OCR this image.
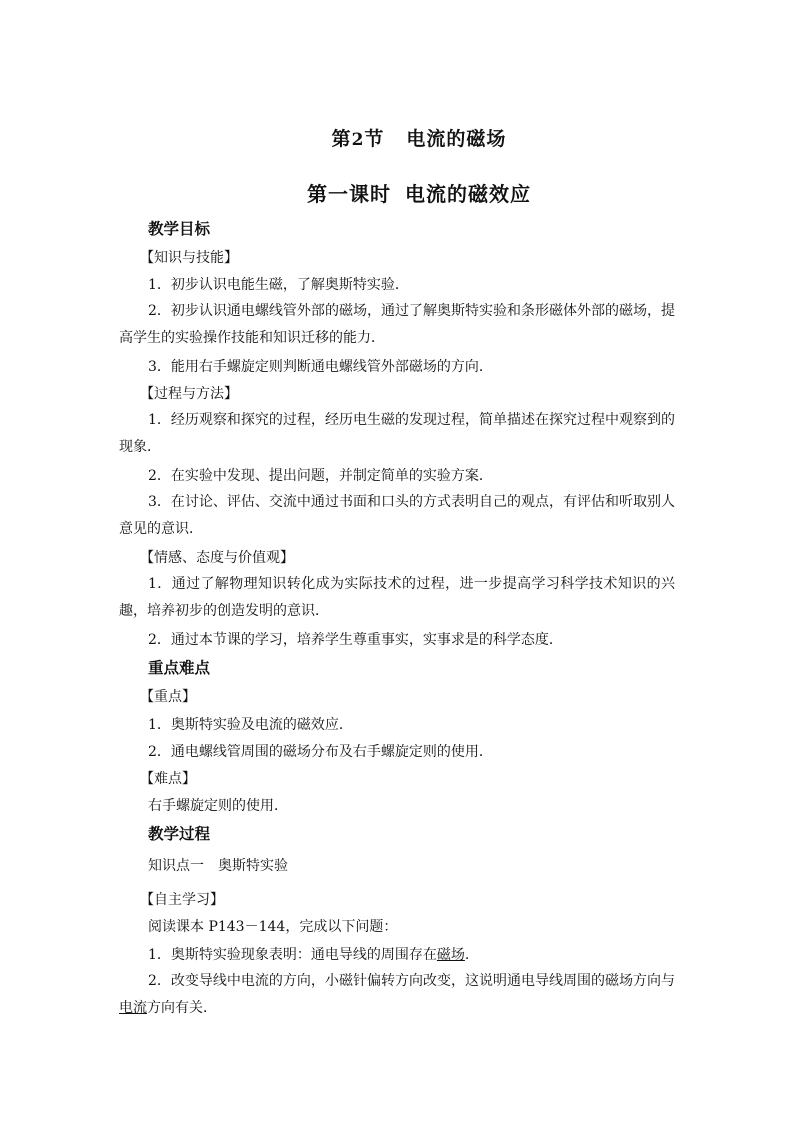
第2节 电流的磁场
第一课时 电流的磁效应
教学目标
【知识与技能】
1．初步认识电能生磁，了解奥斯特实验．
2．初步认识通电螺线管外部的磁场，通过了解奥斯特实验和条形磁体外部的磁场，提高学生的实验操作技能和知识迁移的能力．
3．能用右手螺旋定则判断通电螺线管外部磁场的方向．
【过程与方法】
1．经历观察和探究的过程，经历电生磁的发现过程，简单描述在探究过程中观察到的现象．
2．在实验中发现、提出问题，并制定简单的实验方案．
3．在讨论、评估、交流中通过书面和口头的方式表明自己的观点，有评估和听取别人意见的意识．
【情感、态度与价值观】
1．通过了解物理知识转化成为实际技术的过程，进一步提高学习科学技术知识的兴趣，培养初步的创造发明的意识．
2．通过本节课的学习，培养学生尊重事实，实事求是的科学态度．
重点难点
【重点】
1．奥斯特实验及电流的磁效应．
2．通电螺线管周围的磁场分布及右手螺旋定则的使用．
【难点】
右手螺旋定则的使用．
教学过程
知识点一　奥斯特实验
【自主学习】
阅读课本 P143－144，完成以下问题：
1．奥斯特实验现象表明：通电导线的周围存在磁场.
2．改变导线中电流的方向，小磁针偏转方向改变，这说明通电导线周围的磁场方向与电流方向有关．
